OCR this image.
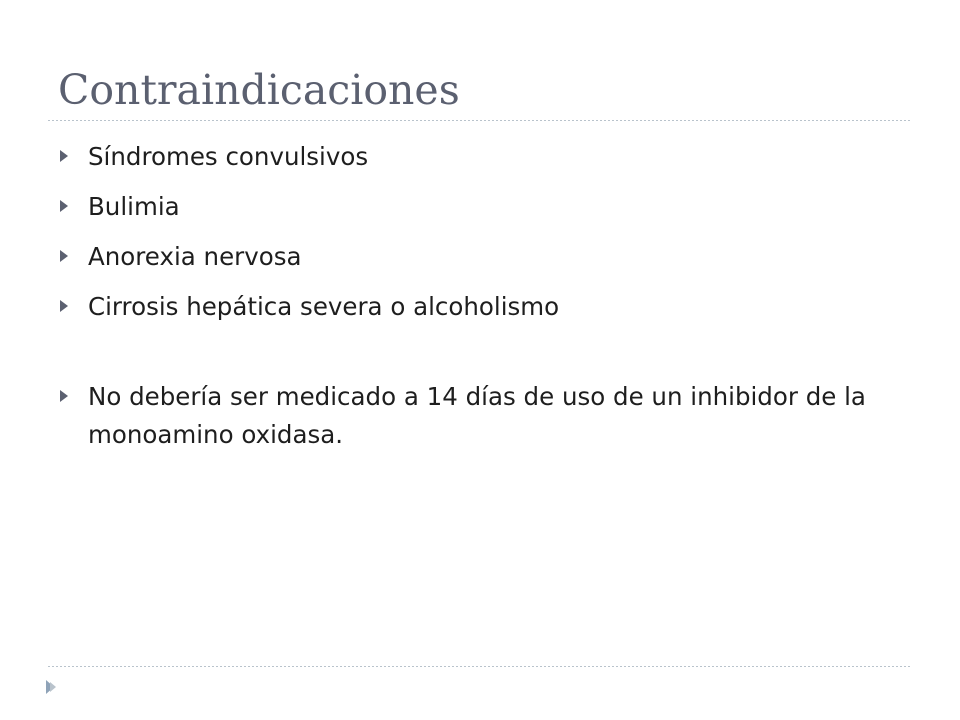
Contraindicaciones
Síndromes convulsivos
Bulimia
Anorexia nervosa
Cirrosis hepática severa o alcoholismo
No debería ser medicado a 14 días de uso de un inhibidor de la monoamino oxidasa.
